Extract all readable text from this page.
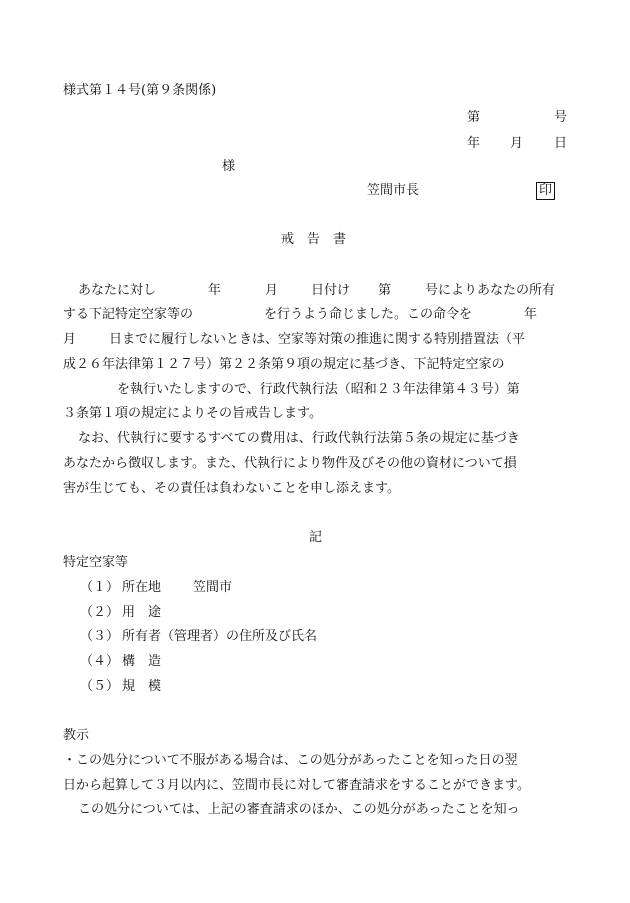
様式第１４号(第９条関係)
第	号
年 月 日
様
笠間市長	印
戒　告　書
あなたに対し	年	月	日付け 第	号によりあなたの所有
する下記特定空家等の	を行うよう命じました。この命令を	年
月	日までに履行しないときは、空家等対策の推進に関する特別措置法（平
成２６年法律第１２７号）第２２条第９項の規定に基づき、下記特定空家の
を執行いたしますので、行政代執行法（昭和２３年法律第４３号）第
３条第１項の規定によりその旨戒告します。
なお、代執行に要するすべての費用は、行政代執行法第５条の規定に基づき
あなたから徴収します。また、代執行により物件及びその他の資材について損
害が生じても、その責任は負わないことを申し添えます。
記
特定空家等
（１） 所在地 笠間市
（２） 用　途
（３） 所有者（管理者）の住所及び氏名
（４） 構　造
（５） 規　模
教示
・この処分について不服がある場合は、この処分があったことを知った日の翌
日から起算して３月以内に、笠間市長に対して審査請求をすることができます。
この処分については、上記の審査請求のほか、この処分があったことを知っ
